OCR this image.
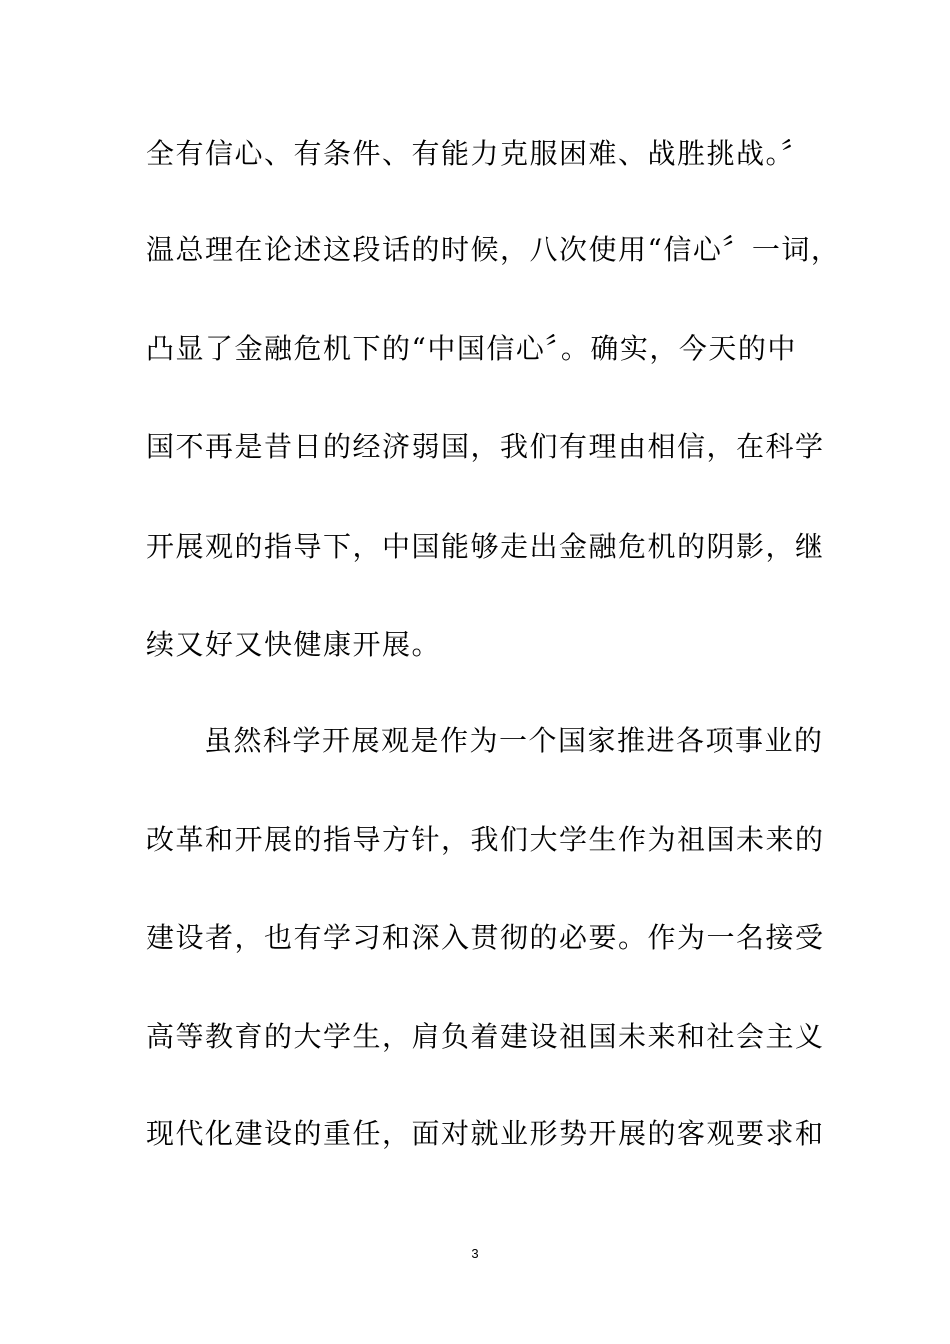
全有信心、有条件、有能力克服困难、战胜挑战。〞
温总理在论述这段话的时候，八次使用“信心〞一词，
凸显了金融危机下的“中国信心〞。确实，今天的中
国不再是昔日的经济弱国，我们有理由相信，在科学
开展观的指导下，中国能够走出金融危机的阴影，继
续又好又快健康开展。
虽然科学开展观是作为一个国家推进各项事业的
改革和开展的指导方针，我们大学生作为祖国未来的
建设者，也有学习和深入贯彻的必要。作为一名接受
高等教育的大学生，肩负着建设祖国未来和社会主义
现代化建设的重任，面对就业形势开展的客观要求和
3
